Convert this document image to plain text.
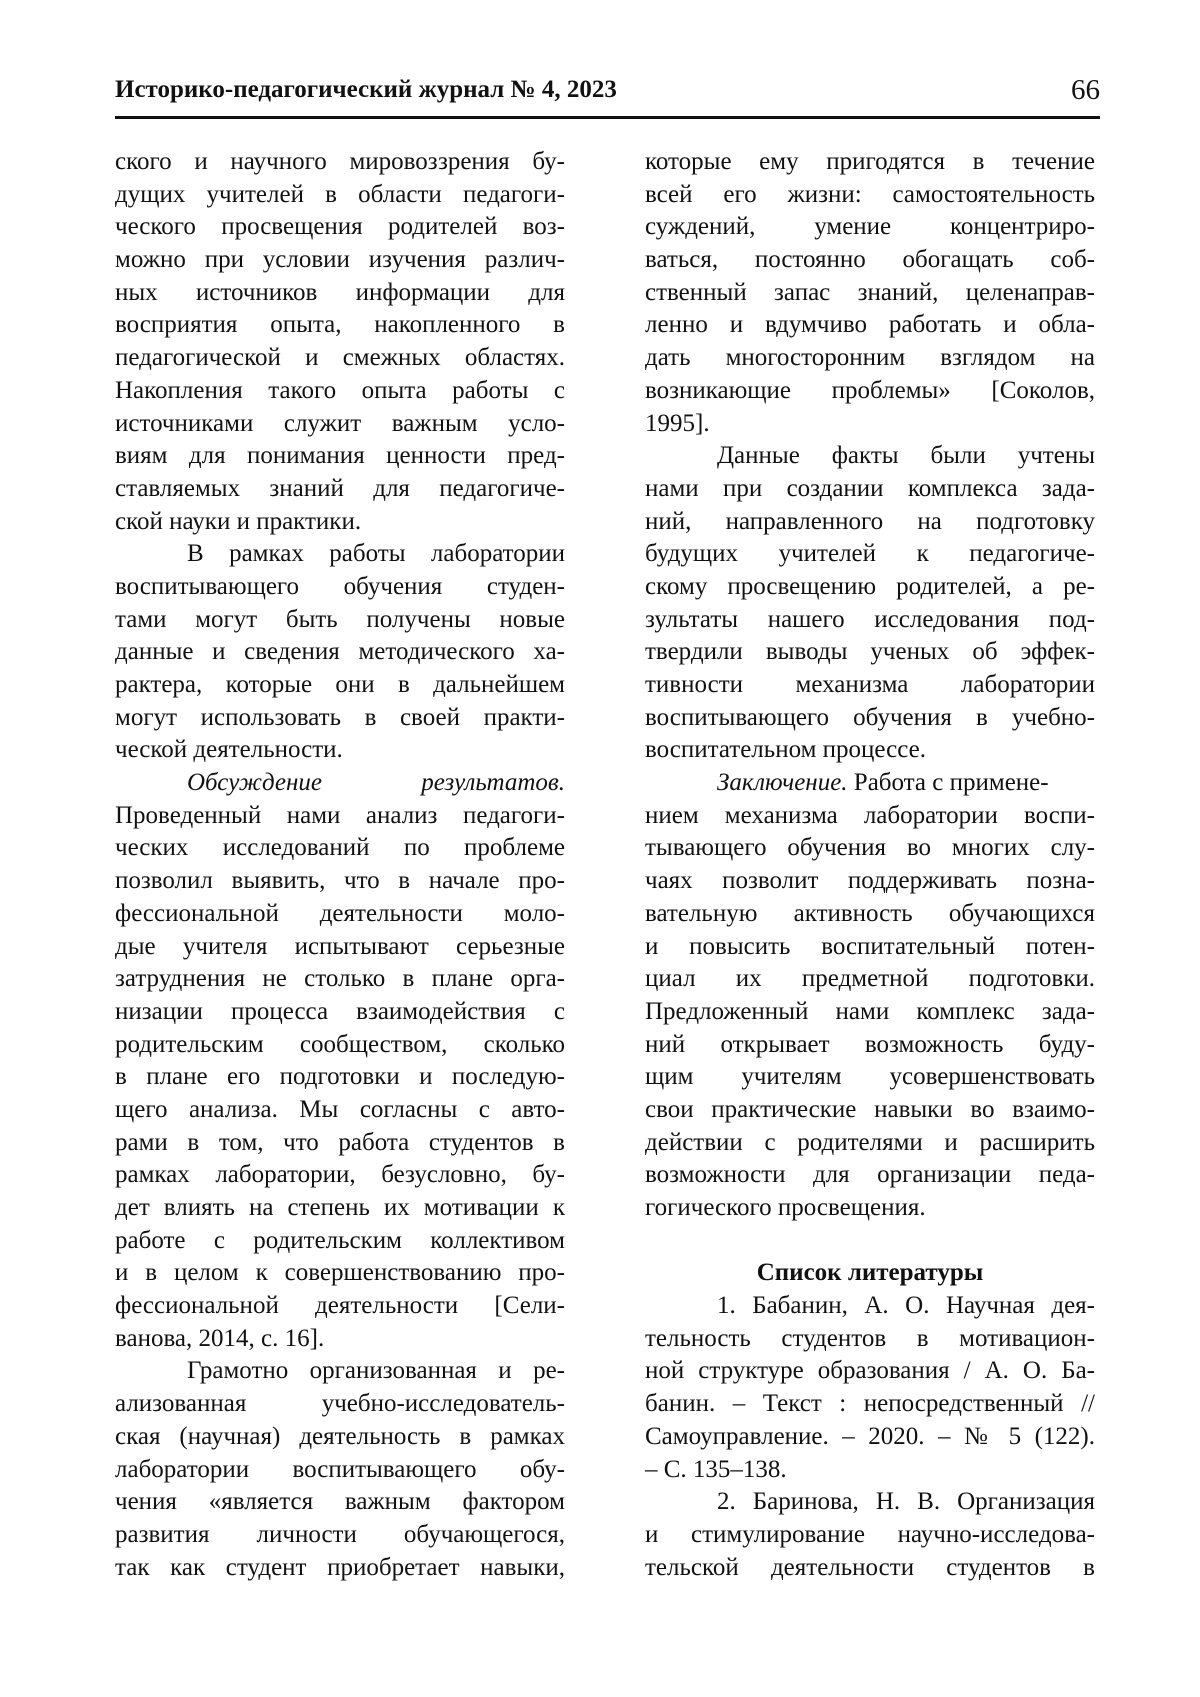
Историко-педагогический журнал № 4, 2023	66
ского и научного мировоззрения бу-
дущих учителей в области педагоги-
ческого просвещения родителей воз-
можно при условии изучения различ-
ных источников информации для
восприятия опыта, накопленного в
педагогической и смежных областях.
Накопления такого опыта работы с
источниками служит важным усло-
виям для понимания ценности пред-
ставляемых знаний для педагогиче-
ской науки и практики.
В рамках работы лаборатории
воспитывающего обучения студен-
тами могут быть получены новые
данные и сведения методического ха-
рактера, которые они в дальнейшем
могут использовать в своей практи-
ческой деятельности.
Обсуждение результатов.
Проведенный нами анализ педагоги-
ческих исследований по проблеме
позволил выявить, что в начале про-
фессиональной деятельности моло-
дые учителя испытывают серьезные
затруднения не столько в плане орга-
низации процесса взаимодействия с
родительским сообществом, сколько
в плане его подготовки и последую-
щего анализа. Мы согласны с авто-
рами в том, что работа студентов в
рамках лаборатории, безусловно, бу-
дет влиять на степень их мотивации к
работе с родительским коллективом
и в целом к совершенствованию про-
фессиональной деятельности [Сели-
ванова, 2014, с. 16].
Грамотно организованная и ре-
ализованная учебно-исследователь-
ская (научная) деятельность в рамках
лаборатории воспитывающего обу-
чения «является важным фактором
развития личности обучающегося,
так как студент приобретает навыки,
которые ему пригодятся в течение
всей его жизни: самостоятельность
суждений, умение концентриро-
ваться, постоянно обогащать соб-
ственный запас знаний, целенаправ-
ленно и вдумчиво работать и обла-
дать многосторонним взглядом на
возникающие проблемы» [Соколов,
1995].
Данные факты были учтены
нами при создании комплекса зада-
ний, направленного на подготовку
будущих учителей к педагогиче-
скому просвещению родителей, а ре-
зультаты нашего исследования под-
твердили выводы ученых об эффек-
тивности механизма лаборатории
воспитывающего обучения в учебно-
воспитательном процессе.
Заключение. Работа с примене-
нием механизма лаборатории воспи-
тывающего обучения во многих слу-
чаях позволит поддерживать позна-
вательную активность обучающихся
и повысить воспитательный потен-
циал их предметной подготовки.
Предложенный нами комплекс зада-
ний открывает возможность буду-
щим учителям усовершенствовать
свои практические навыки во взаимо-
действии с родителями и расширить
возможности для организации педа-
гогического просвещения.
Список литературы
1. Бабанин, А. О. Научная дея-
тельность студентов в мотивацион-
ной структуре образования / А. О. Ба-
банин. – Текст : непосредственный //
Самоуправление. – 2020. – № 5 (122).
– С. 135–138.
2. Баринова, Н. В. Организация
и стимулирование научно-исследова-
тельской деятельности студентов в
